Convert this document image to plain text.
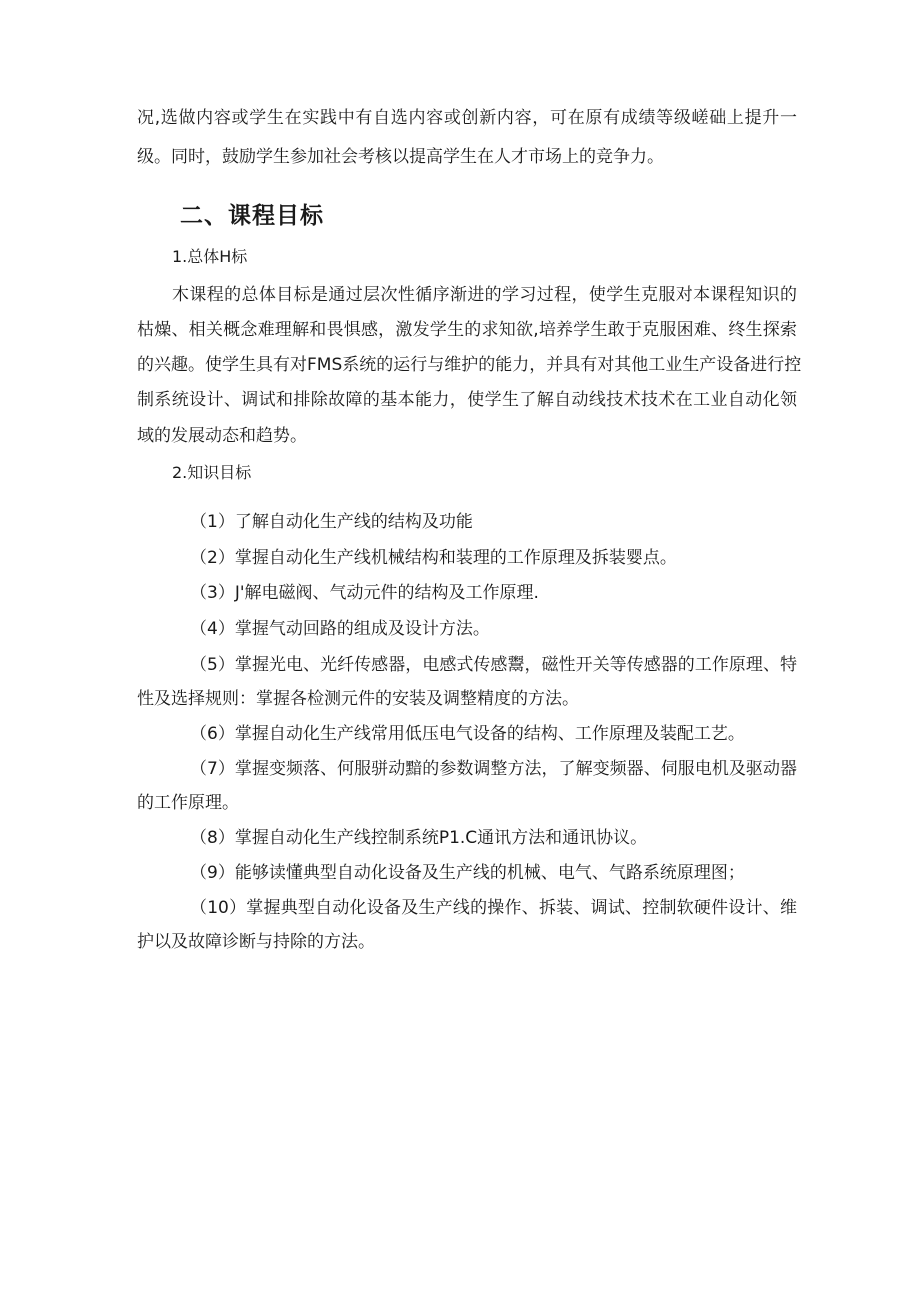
况,选做内容或学生在实践中有自选内容或创新内容，可在原有成绩等级嵯础上提升一
级。同时，鼓励学生参加社会考核以提高学生在人才市场上的竞争力。
二、课程目标
1.总体H标
木课程的总体目标是通过层次性循序渐进的学习过程，使学生克服对本课程知识的
枯燥、相关概念难理解和畏惧感，激发学生的求知欲,培养学生敢于克服困难、终生探索
的兴趣。使学生具有对FMS系统的运行与维护的能力，并具有对其他工业生产设备进行控
制系统设计、调试和排除故障的基本能力，使学生了解自动线技术技术在工业自动化领
域的发展动态和趋势。
2.知识目标
（1）了解自动化生产线的结构及功能
（2）掌握自动化生产线机械结构和装理的工作原理及拆装婴点。
（3）J'解电磁阀、气动元件的结构及工作原理.
（4）掌握气动回路的组成及设计方法。
（5）掌握光电、光纤传感器，电感式传感鬻，磁性开关等传感器的工作原理、特
性及选择规则：掌握各检测元件的安装及调整精度的方法。
（6）掌握自动化生产线常用低压电气设备的结构、工作原理及装配工艺。
（7）掌握变频落、何服骈动黯的参数调整方法，了解变频器、伺服电机及驱动器
的工作原理。
（8）掌握自动化生产线控制系统P1.C通讯方法和通讯协议。
（9）能够读懂典型自动化设备及生产线的机械、电气、气路系统原理图；
（10）掌握典型自动化设备及生产线的操作、拆装、调试、控制软硬件设计、维
护以及故障诊断与持除的方法。
